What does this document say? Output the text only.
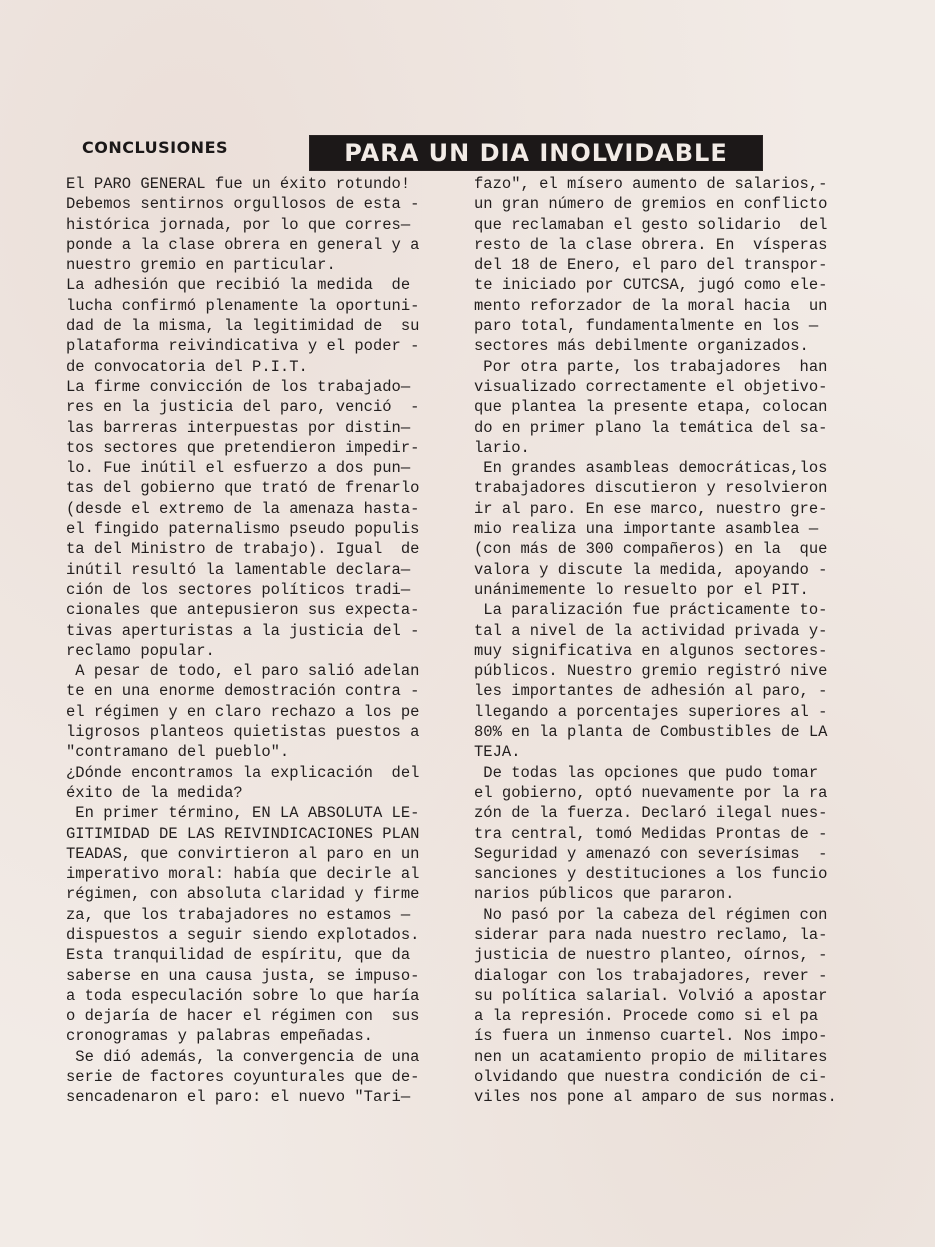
CONCLUSIONES	PARA UN DIA INOLVIDABLE
El PARO GENERAL fue un éxito rotundo!
Debemos sentirnos orgullosos de esta -
histórica jornada, por lo que corres—
ponde a la clase obrera en general y a
nuestro gremio en particular.
La adhesión que recibió la medida  de
lucha confirmó plenamente la oportuni-
dad de la misma, la legitimidad de  su
plataforma reivindicativa y el poder -
de convocatoria del P.I.T.
La firme convicción de los trabajado—
res en la justicia del paro, venció  -
las barreras interpuestas por distin—
tos sectores que pretendieron impedir-
lo. Fue inútil el esfuerzo a dos pun—
tas del gobierno que trató de frenarlo
(desde el extremo de la amenaza hasta-
el fingido paternalismo pseudo populis
ta del Ministro de trabajo). Igual  de
inútil resultó la lamentable declara—
ción de los sectores políticos tradi—
cionales que antepusieron sus expecta-
tivas aperturistas a la justicia del -
reclamo popular.
A pesar de todo, el paro salió adelan
te en una enorme demostración contra -
el régimen y en claro rechazo a los pe
ligrosos planteos quietistas puestos a
"contramano del pueblo".
¿Dónde encontramos la explicación  del
éxito de la medida?
En primer término, EN LA ABSOLUTA LE-
GITIMIDAD DE LAS REIVINDICACIONES PLAN
TEADAS, que convirtieron al paro en un
imperativo moral: había que decirle al
régimen, con absoluta claridad y firme
za, que los trabajadores no estamos —
dispuestos a seguir siendo explotados.
Esta tranquilidad de espíritu, que da
saberse en una causa justa, se impuso-
a toda especulación sobre lo que haría
o dejaría de hacer el régimen con  sus
cronogramas y palabras empeñadas.
Se dió además, la convergencia de una
serie de factores coyunturales que de-
sencadenaron el paro: el nuevo "Tari—
fazo", el mísero aumento de salarios,-
un gran número de gremios en conflicto
que reclamaban el gesto solidario  del
resto de la clase obrera. En  vísperas
del 18 de Enero, el paro del transpor-
te iniciado por CUTCSA, jugó como ele-
mento reforzador de la moral hacia  un
paro total, fundamentalmente en los —
sectores más debilmente organizados.
Por otra parte, los trabajadores  han
visualizado correctamente el objetivo-
que plantea la presente etapa, colocan
do en primer plano la temática del sa-
lario.
En grandes asambleas democráticas,los
trabajadores discutieron y resolvieron
ir al paro. En ese marco, nuestro gre-
mio realiza una importante asamblea —
(con más de 300 compañeros) en la  que
valora y discute la medida, apoyando -
unánimemente lo resuelto por el PIT.
La paralización fue prácticamente to-
tal a nivel de la actividad privada y-
muy significativa en algunos sectores-
públicos. Nuestro gremio registró nive
les importantes de adhesión al paro, -
llegando a porcentajes superiores al -
80% en la planta de Combustibles de LA
TEJA.
De todas las opciones que pudo tomar
el gobierno, optó nuevamente por la ra
zón de la fuerza. Declaró ilegal nues-
tra central, tomó Medidas Prontas de -
Seguridad y amenazó con severísimas  -
sanciones y destituciones a los funcio
narios públicos que pararon.
No pasó por la cabeza del régimen con
siderar para nada nuestro reclamo, la-
justicia de nuestro planteo, oírnos, -
dialogar con los trabajadores, rever -
su política salarial. Volvió a apostar
a la represión. Procede como si el pa
ís fuera un inmenso cuartel. Nos impo-
nen un acatamiento propio de militares
olvidando que nuestra condición de ci-
viles nos pone al amparo de sus normas.
